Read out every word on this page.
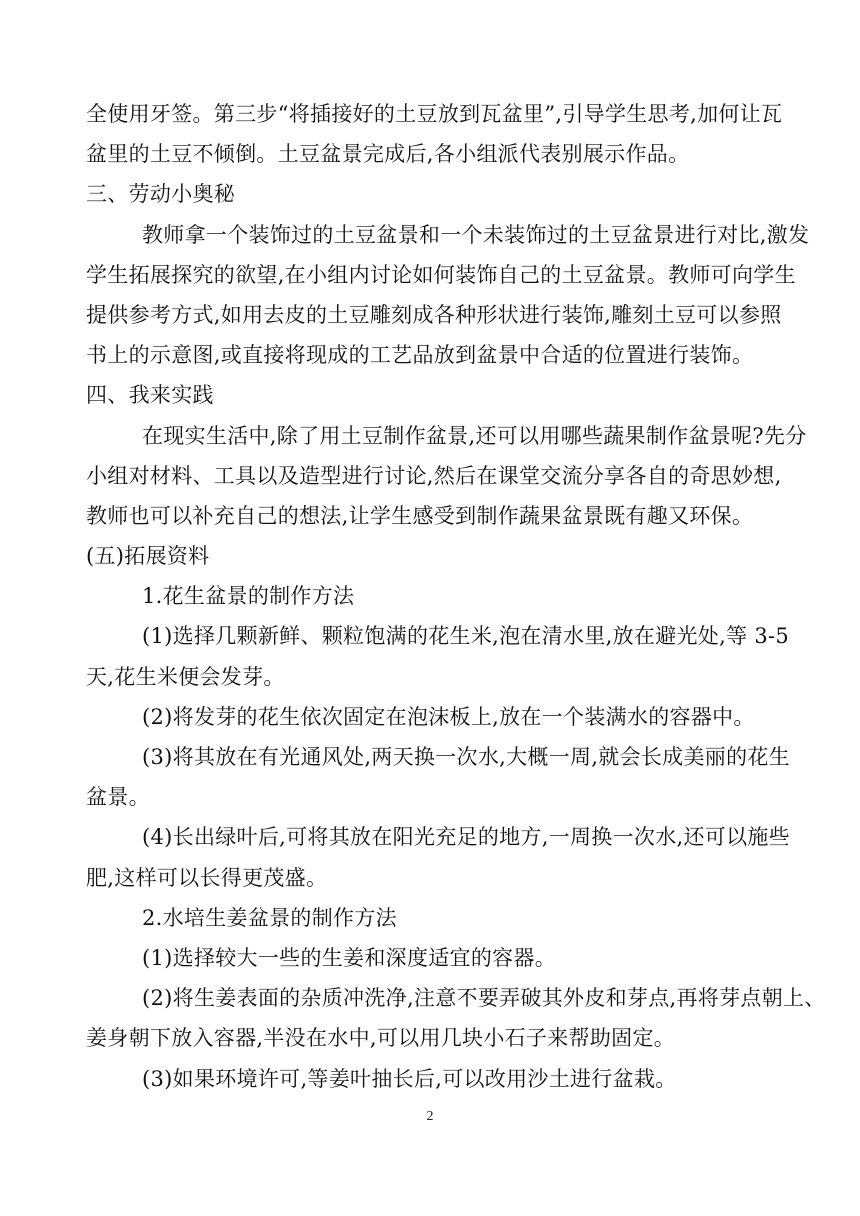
全使用牙签。第三步“将插接好的土豆放到瓦盆里”,引导学生思考,加何让瓦
盆里的土豆不倾倒。土豆盆景完成后,各小组派代表别展示作品。
三、劳动小奥秘
教师拿一个装饰过的土豆盆景和一个未装饰过的土豆盆景进行对比,激发
学生拓展探究的欲望,在小组内讨论如何装饰自己的土豆盆景。教师可向学生
提供参考方式,如用去皮的土豆雕刻成各种形状进行装饰,雕刻土豆可以参照
书上的示意图,或直接将现成的工艺品放到盆景中合适的位置进行装饰。
四、我来实践
在现实生活中,除了用土豆制作盆景,还可以用哪些蔬果制作盆景呢?先分
小组对材料、工具以及造型进行讨论,然后在课堂交流分享各自的奇思妙想,
教师也可以补充自己的想法,让学生感受到制作蔬果盆景既有趣又环保。
(五)拓展资料
1.花生盆景的制作方法
(1)选择几颗新鲜、颗粒饱满的花生米,泡在清水里,放在避光处,等 3-5
天,花生米便会发芽。
(2)将发芽的花生依次固定在泡沫板上,放在一个装满水的容器中。
(3)将其放在有光通风处,两天换一次水,大概一周,就会长成美丽的花生
盆景。
(4)长出绿叶后,可将其放在阳光充足的地方,一周换一次水,还可以施些
肥,这样可以长得更茂盛。
2.水培生姜盆景的制作方法
(1)选择较大一些的生姜和深度适宜的容器。
(2)将生姜表面的杂质冲洗净,注意不要弄破其外皮和芽点,再将芽点朝上、
姜身朝下放入容器,半没在水中,可以用几块小石子来帮助固定。
(3)如果环境许可,等姜叶抽长后,可以改用沙土进行盆栽。
2
